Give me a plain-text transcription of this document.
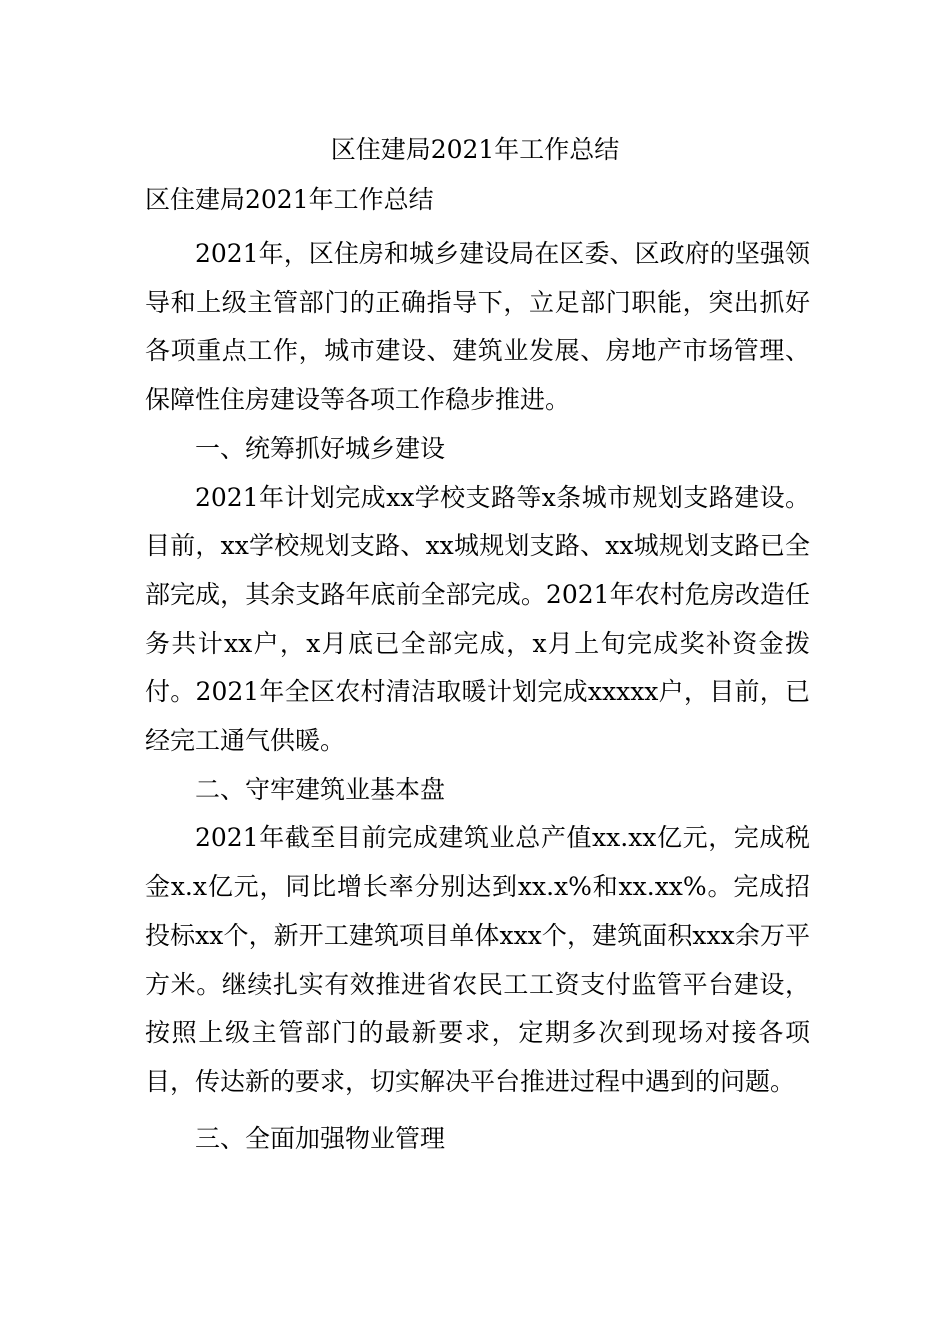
区住建局2021年工作总结
区住建局2021年工作总结

2021年，区住房和城乡建设局在区委、区政府的坚强领导和上级主管部门的正确指导下，立足部门职能，突出抓好各项重点工作，城市建设、建筑业发展、房地产市场管理、保障性住房建设等各项工作稳步推进。

一、统筹抓好城乡建设

2021年计划完成xx学校支路等x条城市规划支路建设。目前，xx学校规划支路、xx城规划支路、xx城规划支路已全部完成，其余支路年底前全部完成。2021年农村危房改造任务共计xx户，x月底已全部完成，x月上旬完成奖补资金拨付。2021年全区农村清洁取暖计划完成xxxxx户，目前，已经完工通气供暖。

二、守牢建筑业基本盘

2021年截至目前完成建筑业总产值xx.xx亿元，完成税金x.x亿元，同比增长率分别达到xx.x%和xx.xx%。完成招投标xx个，新开工建筑项目单体xxx个，建筑面积xxx余万平方米。继续扎实有效推进省农民工工资支付监管平台建设，按照上级主管部门的最新要求，定期多次到现场对接各项目，传达新的要求，切实解决平台推进过程中遇到的问题。

三、全面加强物业管理
